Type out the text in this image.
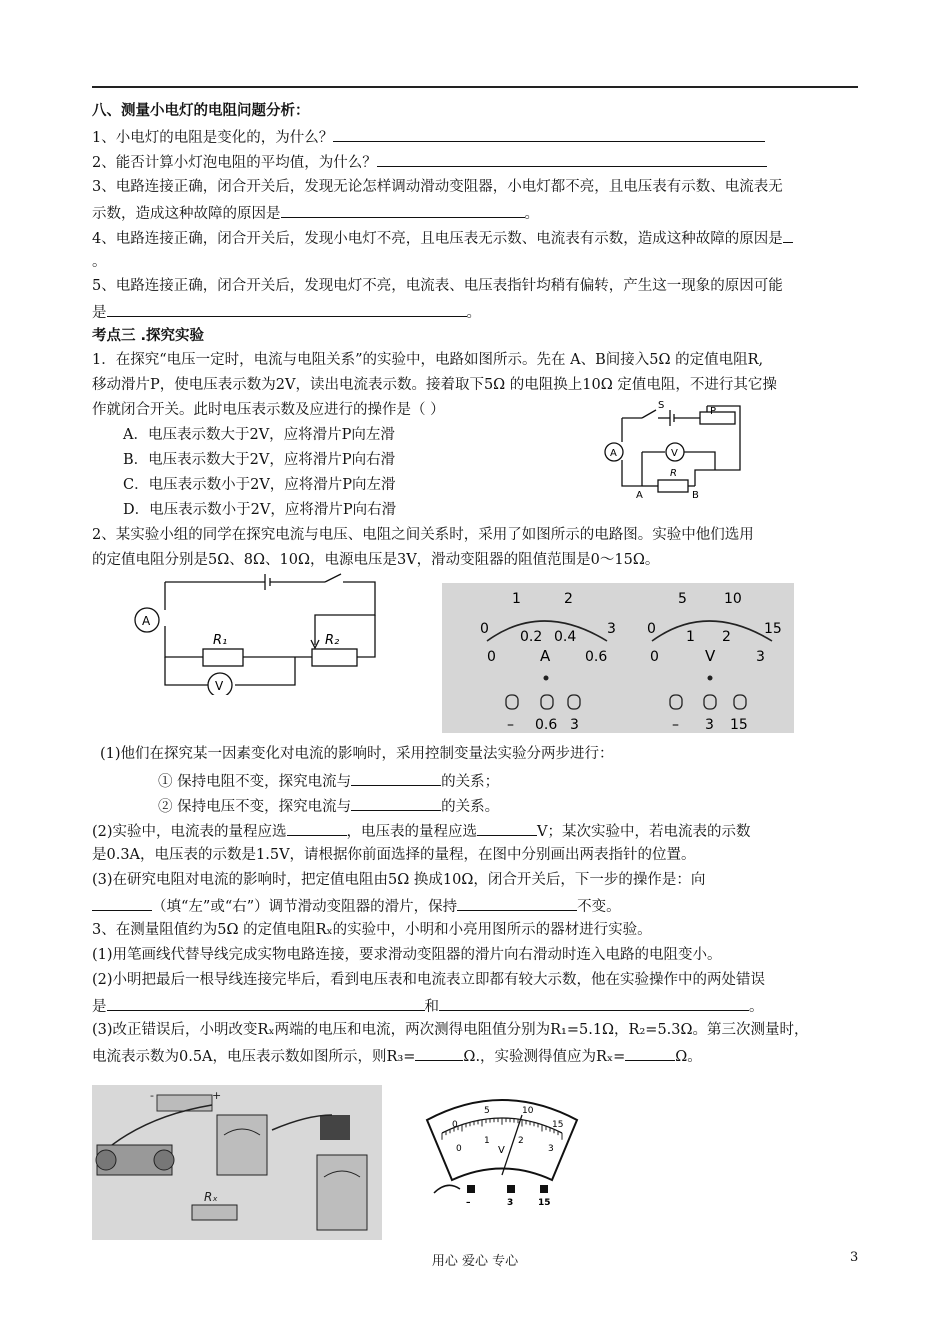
八、测量小电灯的电阻问题分析：
1、小电灯的电阻是变化的，为什么？
2、能否计算小灯泡电阻的平均值，为什么？
3、电路连接正确，闭合开关后，发现无论怎样调动滑动变阻器，小电灯都不亮，且电压表有示数、电流表无
示数，造成这种故障的原因是	。
4、电路连接正确，闭合开关后，发现小电灯不亮，且电压表无示数、电流表有示数，造成这种故障的原因是
。
5、电路连接正确，闭合开关后，发现电灯不亮，电流表、电压表指针均稍有偏转，产生这一现象的原因可能
是	。
考点三 .探究实验
1．在探究“电压一定时，电流与电阻关系”的实验中，电路如图所示。先在 A、B间接入5Ω 的定值电阻R,
移动滑片P，使电压表示数为2V，读出电流表示数。接着取下5Ω 的电阻换上10Ω 定值电阻，不进行其它操
作就闭合开关。此时电压表示数及应进行的操作是（ ）
A．电压表示数大于2V，应将滑片P向左滑
B．电压表示数大于2V，应将滑片P向右滑
C．电压表示数小于2V，应将滑片P向左滑
D．电压表示数小于2V，应将滑片P向右滑
S
P
A	V
R
A	B
2、某实验小组的同学在探究电流与电压、电阻之间关系时，采用了如图所示的电路图。实验中他们选用
的定值电阻分别是5Ω、8Ω、10Ω，电源电压是3V，滑动变阻器的阻值范围是0～15Ω。
A
V
R₁	R₂
0
1	2
3
0
0.2 0.4
0.6
A
0
5	10
15
0
1 2
3
V
– 0.6 3	– 3 15
(1)他们在探究某一因素变化对电流的影响时，采用控制变量法实验分两步进行：
① 保持电阻不变，探究电流与	的关系；
② 保持电压不变，探究电流与	的关系。
(2)实验中，电流表的量程应选	，电压表的量程应选	V；某次实验中，若电流表的示数
是0.3A，电压表的示数是1.5V，请根据你前面选择的量程，在图中分别画出两表指针的位置。
(3)在研究电阻对电流的影响时，把定值电阻由5Ω 换成10Ω，闭合开关后，下一步的操作是：向
（填“左”或“右”）调节滑动变阻器的滑片，保持	不变。
3、在测量阻值约为5Ω 的定值电阻Rₓ的实验中，小明和小亮用图所示的器材进行实验。
(1)用笔画线代替导线完成实物电路连接，要求滑动变阻器的滑片向右滑动时连入电路的电阻变小。
(2)小明把最后一根导线连接完毕后，看到电压表和电流表立即都有较大示数，他在实验操作中的两处错误
是	和	。
(3)改正错误后，小明改变Rₓ两端的电压和电流，两次测得电阻值分别为R₁=5.1Ω，R₂=5.3Ω。第三次测量时，
电流表示数为0.5A，电压表示数如图所示，则R₃=	Ω.，实验测得值应为Rₓ=	Ω。
-	+
Rₓ
0
5	10
15
0
1	2
3
V
–	3	15
用心 爱心 专心	3
